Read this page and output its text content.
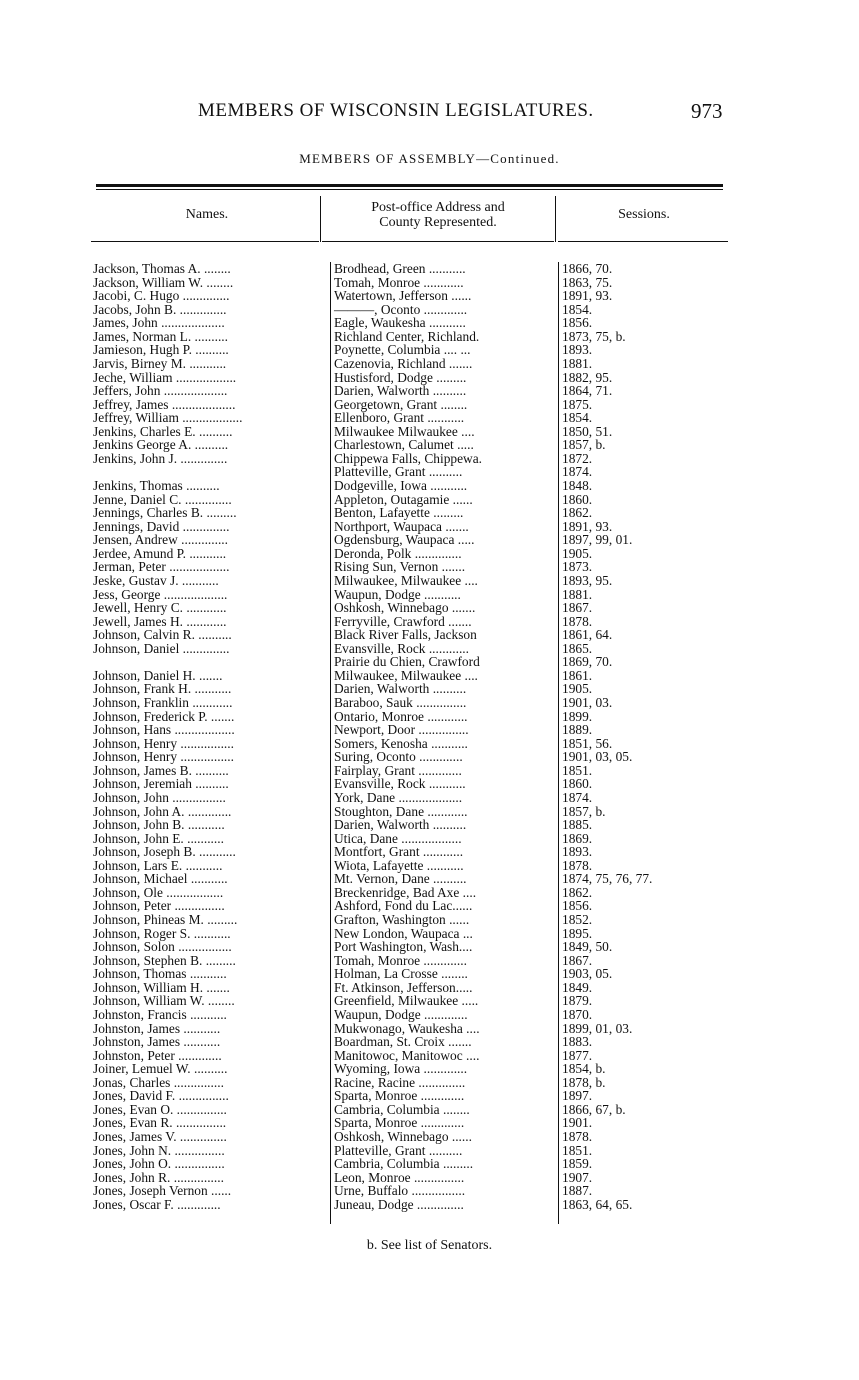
MEMBERS OF WISCONSIN LEGISLATURES.	973
MEMBERS OF ASSEMBLY—Continued.
Names.	Post-office Address and
County Represented.
Sessions.
Jackson, Thomas A. ........	Brodhead, Green ...........	1866, 70.
Jackson, William W. ........	Tomah, Monroe ............	1863, 75.
Jacobi, C. Hugo ..............	Watertown, Jefferson ......	1891, 93.
Jacobs, John B. ..............	———, Oconto .............	1854.
James, John ...................	Eagle, Waukesha ...........	1856.
James, Norman L. ..........	Richland Center, Richland.	1873, 75, b.
Jamieson, Hugh P. ..........	Poynette, Columbia .... ...	1893.
Jarvis, Birney M. ...........	Cazenovia, Richland .......	1881.
Jeche, William ..................	Hustisford, Dodge .........	1882, 95.
Jeffers, John ...................	Darien, Walworth ..........	1864, 71.
Jeffrey, James ...................	Georgetown, Grant ........	1875.
Jeffrey, William ..................	Ellenboro, Grant ...........	1854.
Jenkins, Charles E. ..........	Milwaukee Milwaukee ....	1850, 51.
Jenkins George A. ..........	Charlestown, Calumet .....	1857, b.
Jenkins, John J. ..............	Chippewa Falls, Chippewa.	1872.
Platteville, Grant ..........	1874.
Jenkins, Thomas ..........	Dodgeville, Iowa ...........	1848.
Jenne, Daniel C. ..............	Appleton, Outagamie ......	1860.
Jennings, Charles B. .........	Benton, Lafayette .........	1862.
Jennings, David ..............	Northport, Waupaca .......	1891, 93.
Jensen, Andrew ..............	Ogdensburg, Waupaca .....	1897, 99, 01.
Jerdee, Amund P. ...........	Deronda, Polk ..............	1905.
Jerman, Peter ..................	Rising Sun, Vernon .......	1873.
Jeske, Gustav J. ...........	Milwaukee, Milwaukee ....	1893, 95.
Jess, George ...................	Waupun, Dodge ...........	1881.
Jewell, Henry C. ............	Oshkosh, Winnebago .......	1867.
Jewell, James H. ............	Ferryville, Crawford .......	1878.
Johnson, Calvin R. ..........	Black River Falls, Jackson	1861, 64.
Johnson, Daniel ..............	Evansville, Rock ............	1865.
Prairie du Chien, Crawford	1869, 70.
Johnson, Daniel H. .......	Milwaukee, Milwaukee ....	1861.
Johnson, Frank H. ...........	Darien, Walworth ..........	1905.
Johnson, Franklin ............	Baraboo, Sauk ...............	1901, 03.
Johnson, Frederick P. .......	Ontario, Monroe ............	1899.
Johnson, Hans ..................	Newport, Door ...............	1889.
Johnson, Henry ................	Somers, Kenosha ...........	1851, 56.
Johnson, Henry ................	Suring, Oconto .............	1901, 03, 05.
Johnson, James B. ..........	Fairplay, Grant .............	1851.
Johnson, Jeremiah ..........	Evansville, Rock ...........	1860.
Johnson, John ................	York, Dane ...................	1874.
Johnson, John A. .............	Stoughton, Dane ............	1857, b.
Johnson, John B. ...........	Darien, Walworth ..........	1885.
Johnson, John E. ...........	Utica, Dane ..................	1869.
Johnson, Joseph B. ...........	Montfort, Grant ............	1893.
Johnson, Lars E. ...........	Wiota, Lafayette ...........	1878.
Johnson, Michael ...........	Mt. Vernon, Dane ..........	1874, 75, 76, 77.
Johnson, Ole .................	Breckenridge, Bad Axe ....	1862.
Johnson, Peter ...............	Ashford, Fond du Lac......	1856.
Johnson, Phineas M. .........	Grafton, Washington ......	1852.
Johnson, Roger S. ...........	New London, Waupaca ...	1895.
Johnson, Solon ................	Port Washington, Wash....	1849, 50.
Johnson, Stephen B. .........	Tomah, Monroe .............	1867.
Johnson, Thomas ...........	Holman, La Crosse ........	1903, 05.
Johnson, William H. .......	Ft. Atkinson, Jefferson.....	1849.
Johnson, William W. ........	Greenfield, Milwaukee .....	1879.
Johnston, Francis ...........	Waupun, Dodge .............	1870.
Johnston, James ...........	Mukwonago, Waukesha ....	1899, 01, 03.
Johnston, James ...........	Boardman, St. Croix .......	1883.
Johnston, Peter .............	Manitowoc, Manitowoc ....	1877.
Joiner, Lemuel W. ..........	Wyoming, Iowa .............	1854, b.
Jonas, Charles ...............	Racine, Racine ..............	1878, b.
Jones, David F. ...............	Sparta, Monroe .............	1897.
Jones, Evan O. ...............	Cambria, Columbia ........	1866, 67, b.
Jones, Evan R. ...............	Sparta, Monroe .............	1901.
Jones, James V. ..............	Oshkosh, Winnebago ......	1878.
Jones, John N. ...............	Platteville, Grant ..........	1851.
Jones, John O. ...............	Cambria, Columbia .........	1859.
Jones, John R. ...............	Leon, Monroe ...............	1907.
Jones, Joseph Vernon ......	Urne, Buffalo ................	1887.
Jones, Oscar F. .............	Juneau, Dodge ..............	1863, 64, 65.
b. See list of Senators.
